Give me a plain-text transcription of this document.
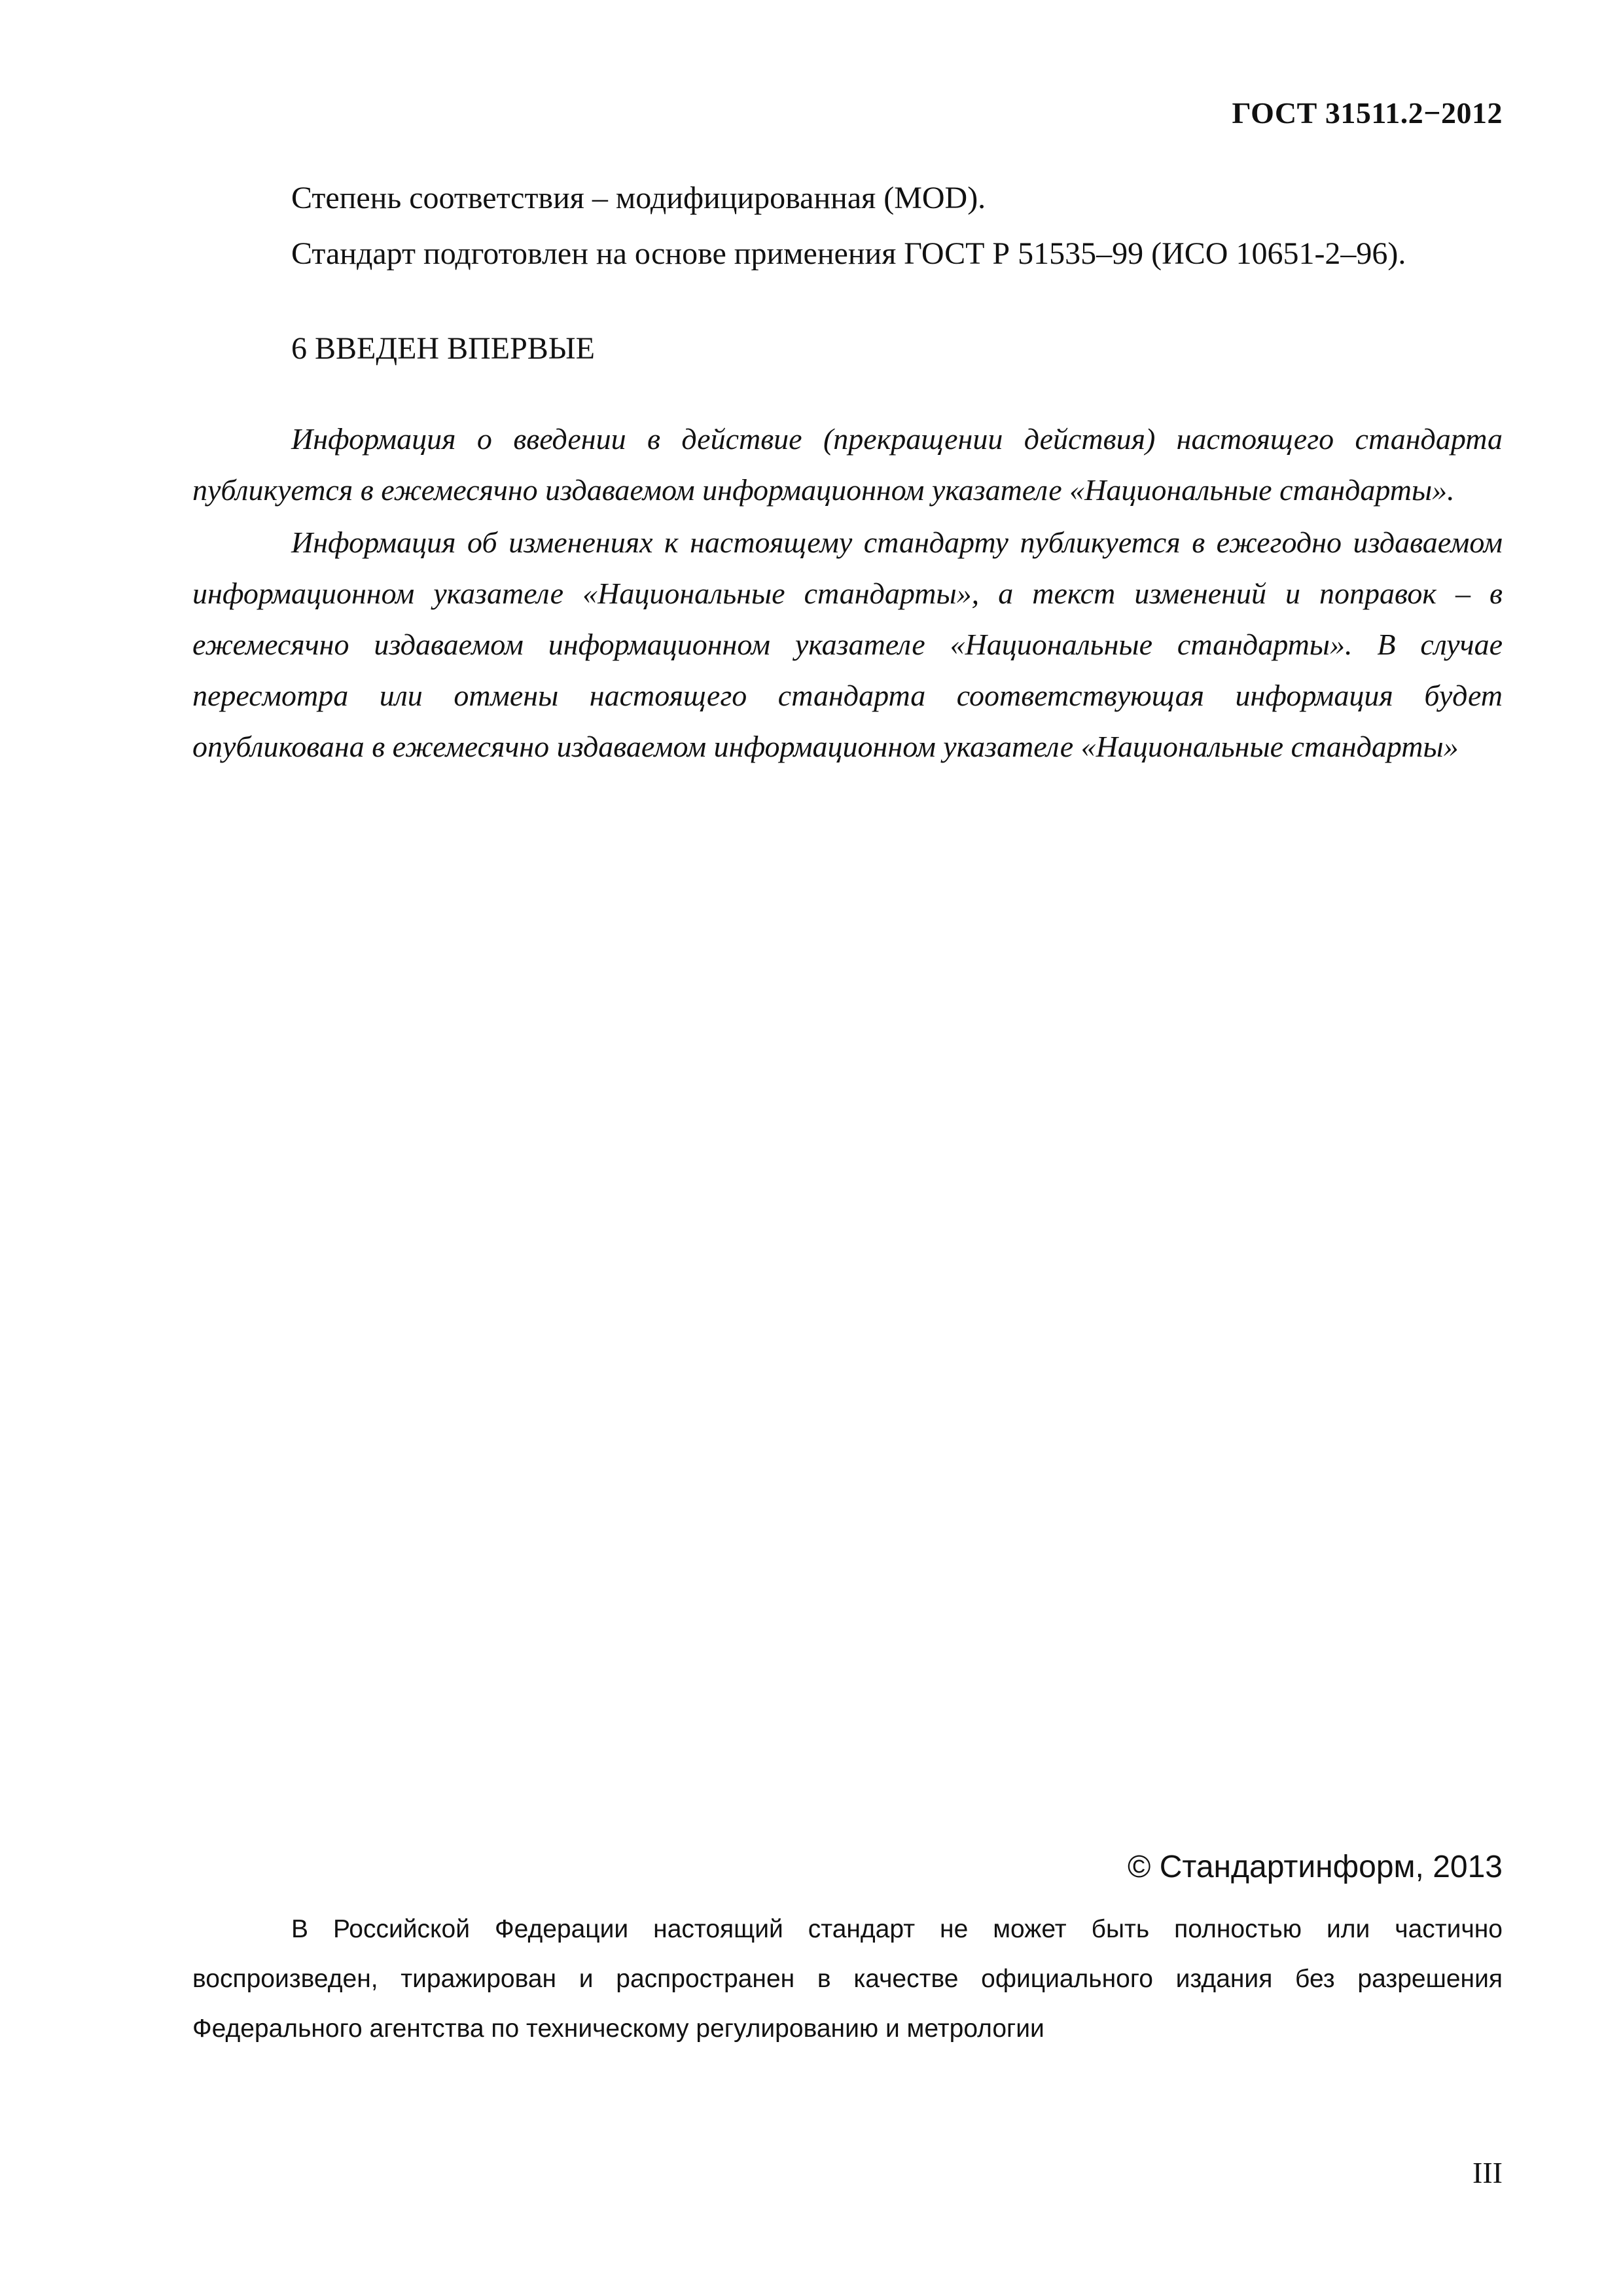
ГОСТ 31511.2−2012
Степень соответствия – модифицированная (MOD).
Стандарт подготовлен на основе применения ГОСТ Р 51535–99 (ИСО 10651-2–96).
6 ВВЕДЕН ВПЕРВЫЕ

Информация о введении в действие (прекращении действия) настоящего стандарта публикуется в ежемесячно издаваемом информационном указателе «Национальные стандарты».

Информация об изменениях к настоящему стандарту публикуется в ежегодно издаваемом информационном указателе «Национальные стандарты», а текст изменений и поправок – в ежемесячно издаваемом информационном указателе «Национальные стандарты». В случае пересмотра или отмены настоящего стандарта соответствующая информация будет опубликована в ежемесячно издаваемом информационном указателе «Национальные стандарты»

© Стандартинформ, 2013

В Российской Федерации настоящий стандарт не может быть полностью или частично воспроизведен, тиражирован и распространен в качестве официального издания без разрешения Федерального агентства по техническому регулированию и метрологии

III
